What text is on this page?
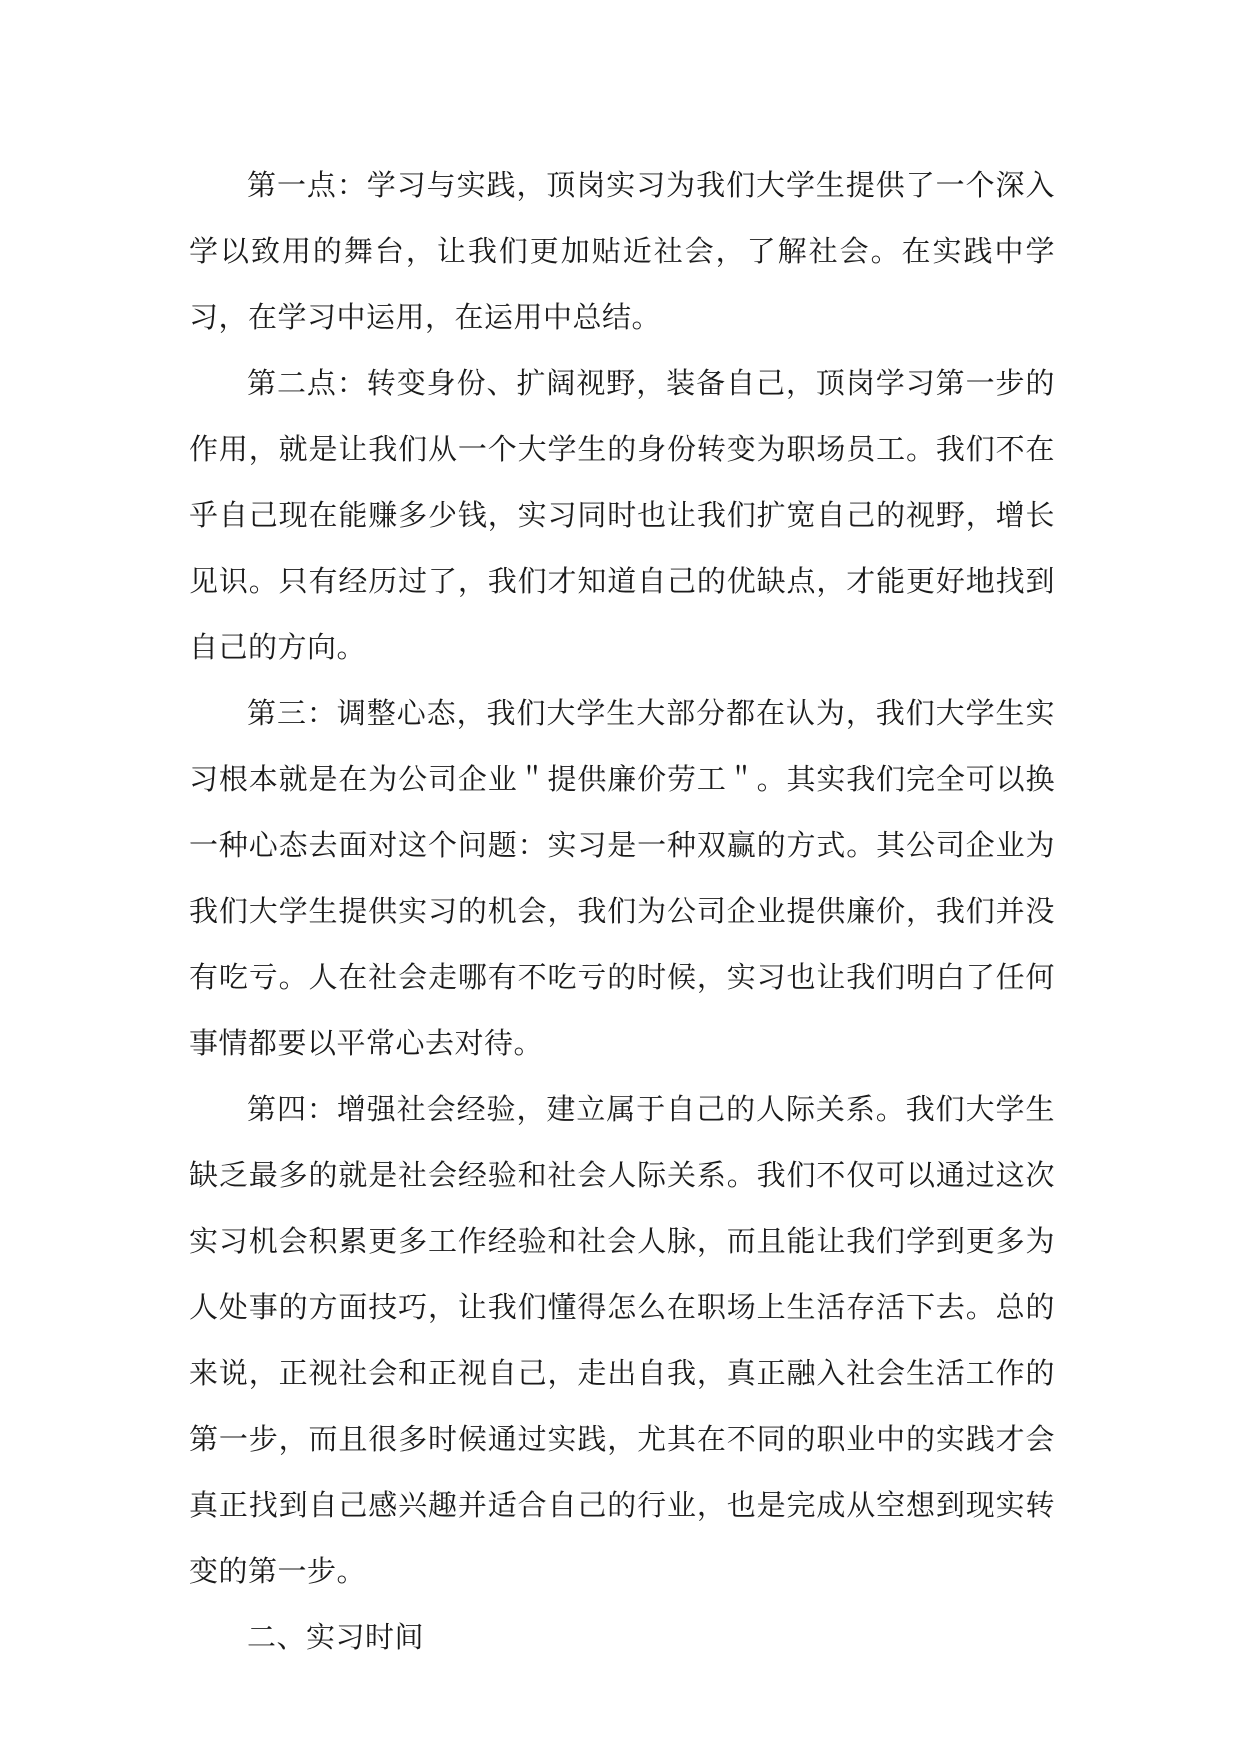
第一点：学习与实践，顶岗实习为我们大学生提供了一个深入学以致用的舞台，让我们更加贴近社会，了解社会。在实践中学习，在学习中运用，在运用中总结。

第二点：转变身份、扩阔视野，装备自己，顶岗学习第一步的作用，就是让我们从一个大学生的身份转变为职场员工。我们不在乎自己现在能赚多少钱，实习同时也让我们扩宽自己的视野，增长见识。只有经历过了，我们才知道自己的优缺点，才能更好地找到自己的方向。

第三：调整心态，我们大学生大部分都在认为，我们大学生实习根本就是在为公司企业＂提供廉价劳工＂。其实我们完全可以换一种心态去面对这个问题：实习是一种双赢的方式。其公司企业为我们大学生提供实习的机会，我们为公司企业提供廉价，我们并没有吃亏。人在社会走哪有不吃亏的时候，实习也让我们明白了任何事情都要以平常心去对待。

第四：增强社会经验，建立属于自己的人际关系。我们大学生缺乏最多的就是社会经验和社会人际关系。我们不仅可以通过这次实习机会积累更多工作经验和社会人脉，而且能让我们学到更多为人处事的方面技巧，让我们懂得怎么在职场上生活存活下去。总的来说，正视社会和正视自己，走出自我，真正融入社会生活工作的第一步，而且很多时候通过实践，尤其在不同的职业中的实践才会真正找到自己感兴趣并适合自己的行业，也是完成从空想到现实转变的第一步。

二、实习时间
